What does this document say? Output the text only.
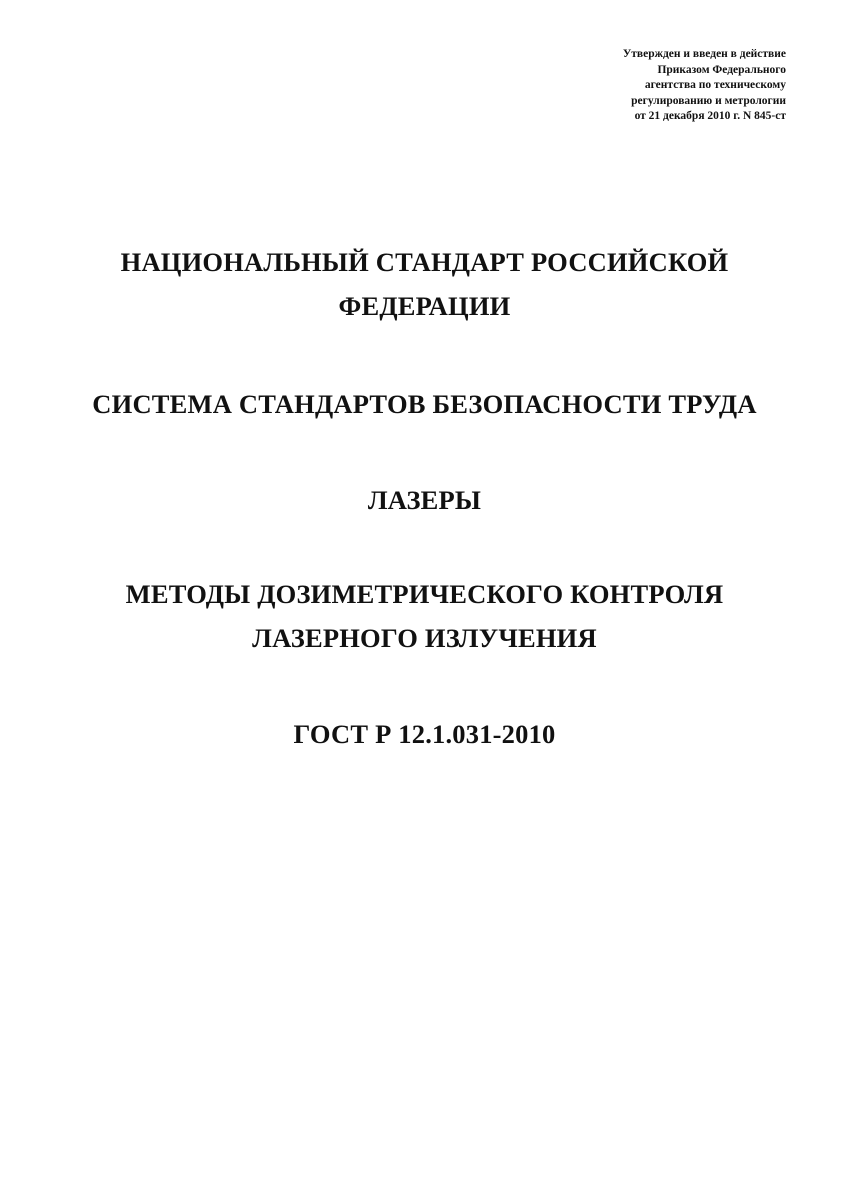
Утвержден и введен в действие
Приказом Федерального
агентства по техническому
регулированию и метрологии
от 21 декабря 2010 г. N 845-ст
НАЦИОНАЛЬНЫЙ СТАНДАРТ РОССИЙСКОЙ
ФЕДЕРАЦИИ
СИСТЕМА СТАНДАРТОВ БЕЗОПАСНОСТИ ТРУДА
ЛАЗЕРЫ
МЕТОДЫ ДОЗИМЕТРИЧЕСКОГО КОНТРОЛЯ
ЛАЗЕРНОГО ИЗЛУЧЕНИЯ
ГОСТ Р 12.1.031-2010
